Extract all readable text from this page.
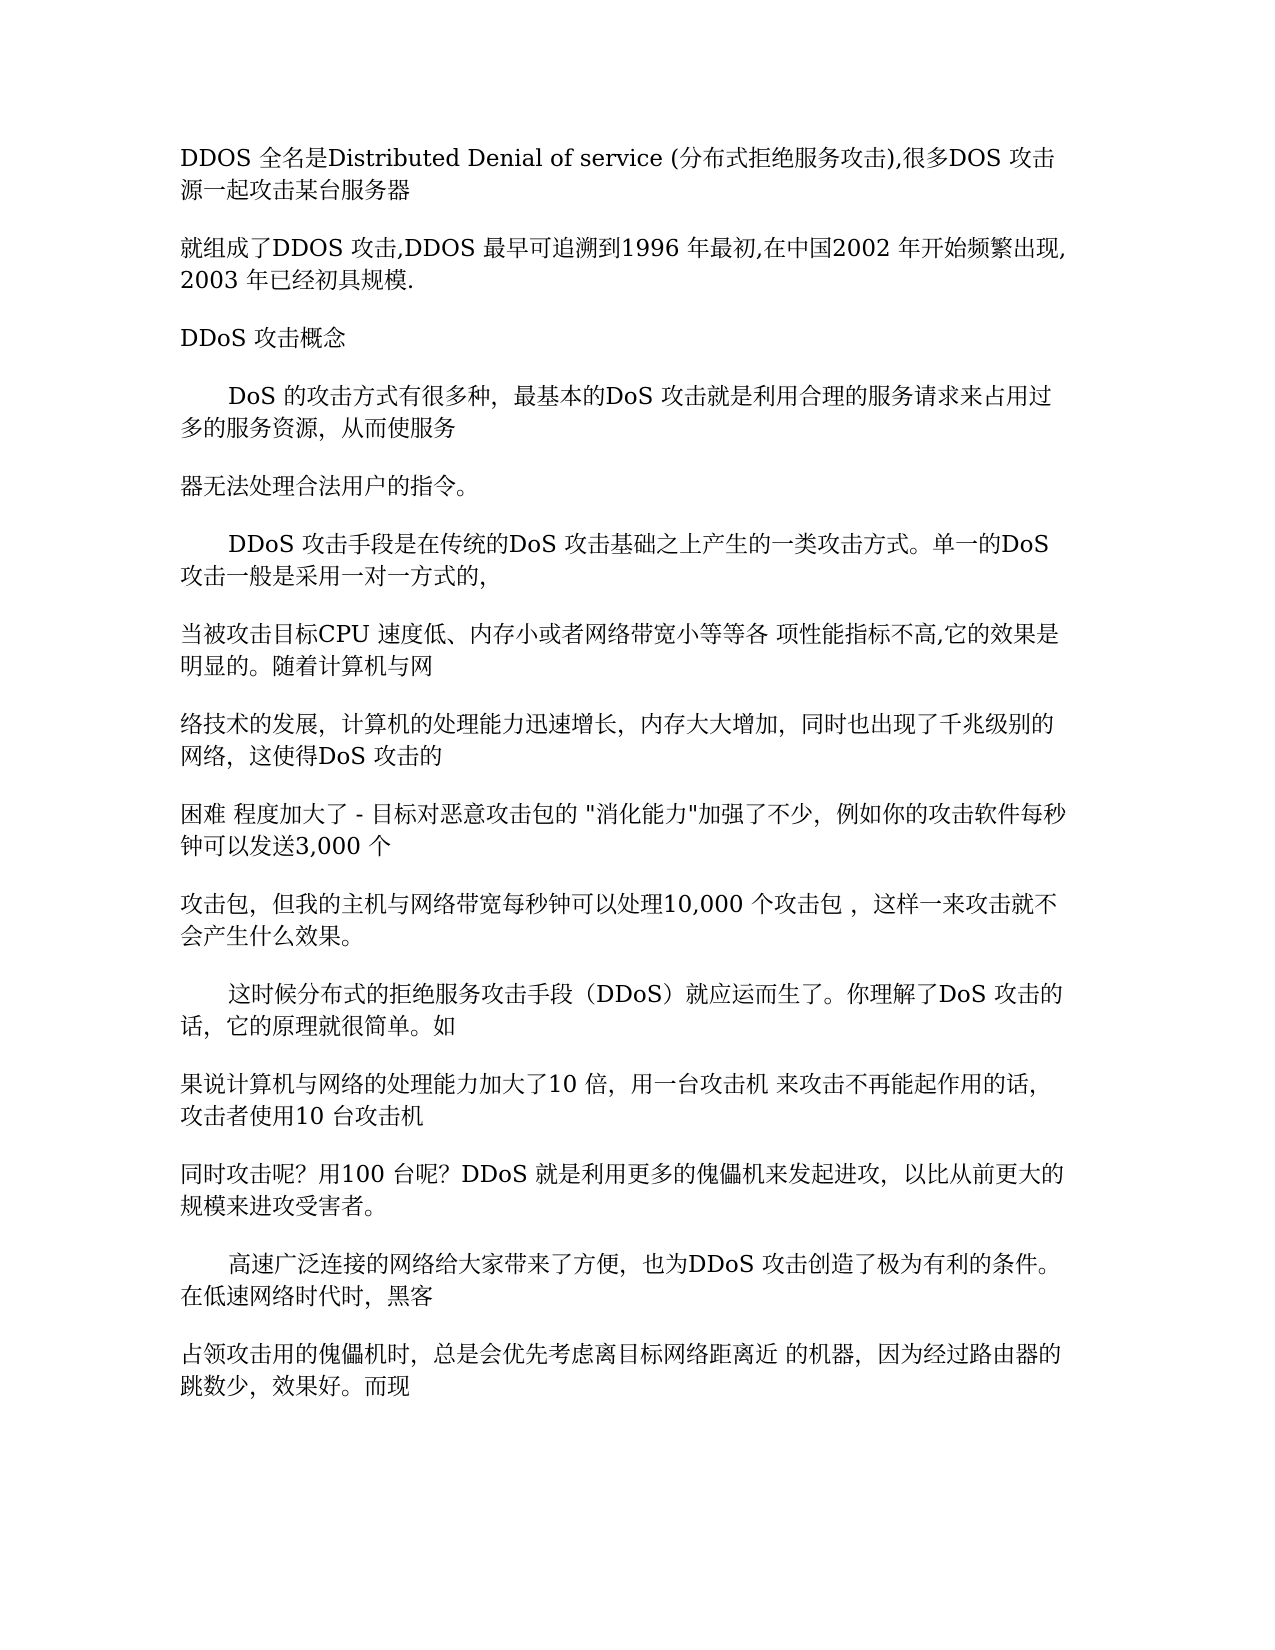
DDOS 全名是Distributed Denial of service (分布式拒绝服务攻击),很多DOS 攻击源一起攻击某台服务器

就组成了DDOS 攻击,DDOS 最早可追溯到1996 年最初,在中国2002 年开始频繁出现,2003 年已经初具规模.

DDoS 攻击概念

DoS 的攻击方式有很多种，最基本的DoS 攻击就是利用合理的服务请求来占用过多的服务资源，从而使服务

器无法处理合法用户的指令。

DDoS 攻击手段是在传统的DoS 攻击基础之上产生的一类攻击方式。单一的DoS 攻击一般是采用一对一方式的，

当被攻击目标CPU 速度低、内存小或者网络带宽小等等各 项性能指标不高,它的效果是明显的。随着计算机与网

络技术的发展，计算机的处理能力迅速增长，内存大大增加，同时也出现了千兆级别的网络，这使得DoS 攻击的

困难 程度加大了 - 目标对恶意攻击包的 "消化能力"加强了不少，例如你的攻击软件每秒钟可以发送3,000 个

攻击包，但我的主机与网络带宽每秒钟可以处理10,000 个攻击包 ，这样一来攻击就不会产生什么效果。

这时候分布式的拒绝服务攻击手段（DDoS）就应运而生了。你理解了DoS 攻击的话，它的原理就很简单。如

果说计算机与网络的处理能力加大了10 倍，用一台攻击机 来攻击不再能起作用的话，攻击者使用10 台攻击机

同时攻击呢？用100 台呢？DDoS 就是利用更多的傀儡机来发起进攻，以比从前更大的规模来进攻受害者。

高速广泛连接的网络给大家带来了方便，也为DDoS 攻击创造了极为有利的条件。在低速网络时代时，黑客

占领攻击用的傀儡机时，总是会优先考虑离目标网络距离近 的机器，因为经过路由器的跳数少，效果好。而现
